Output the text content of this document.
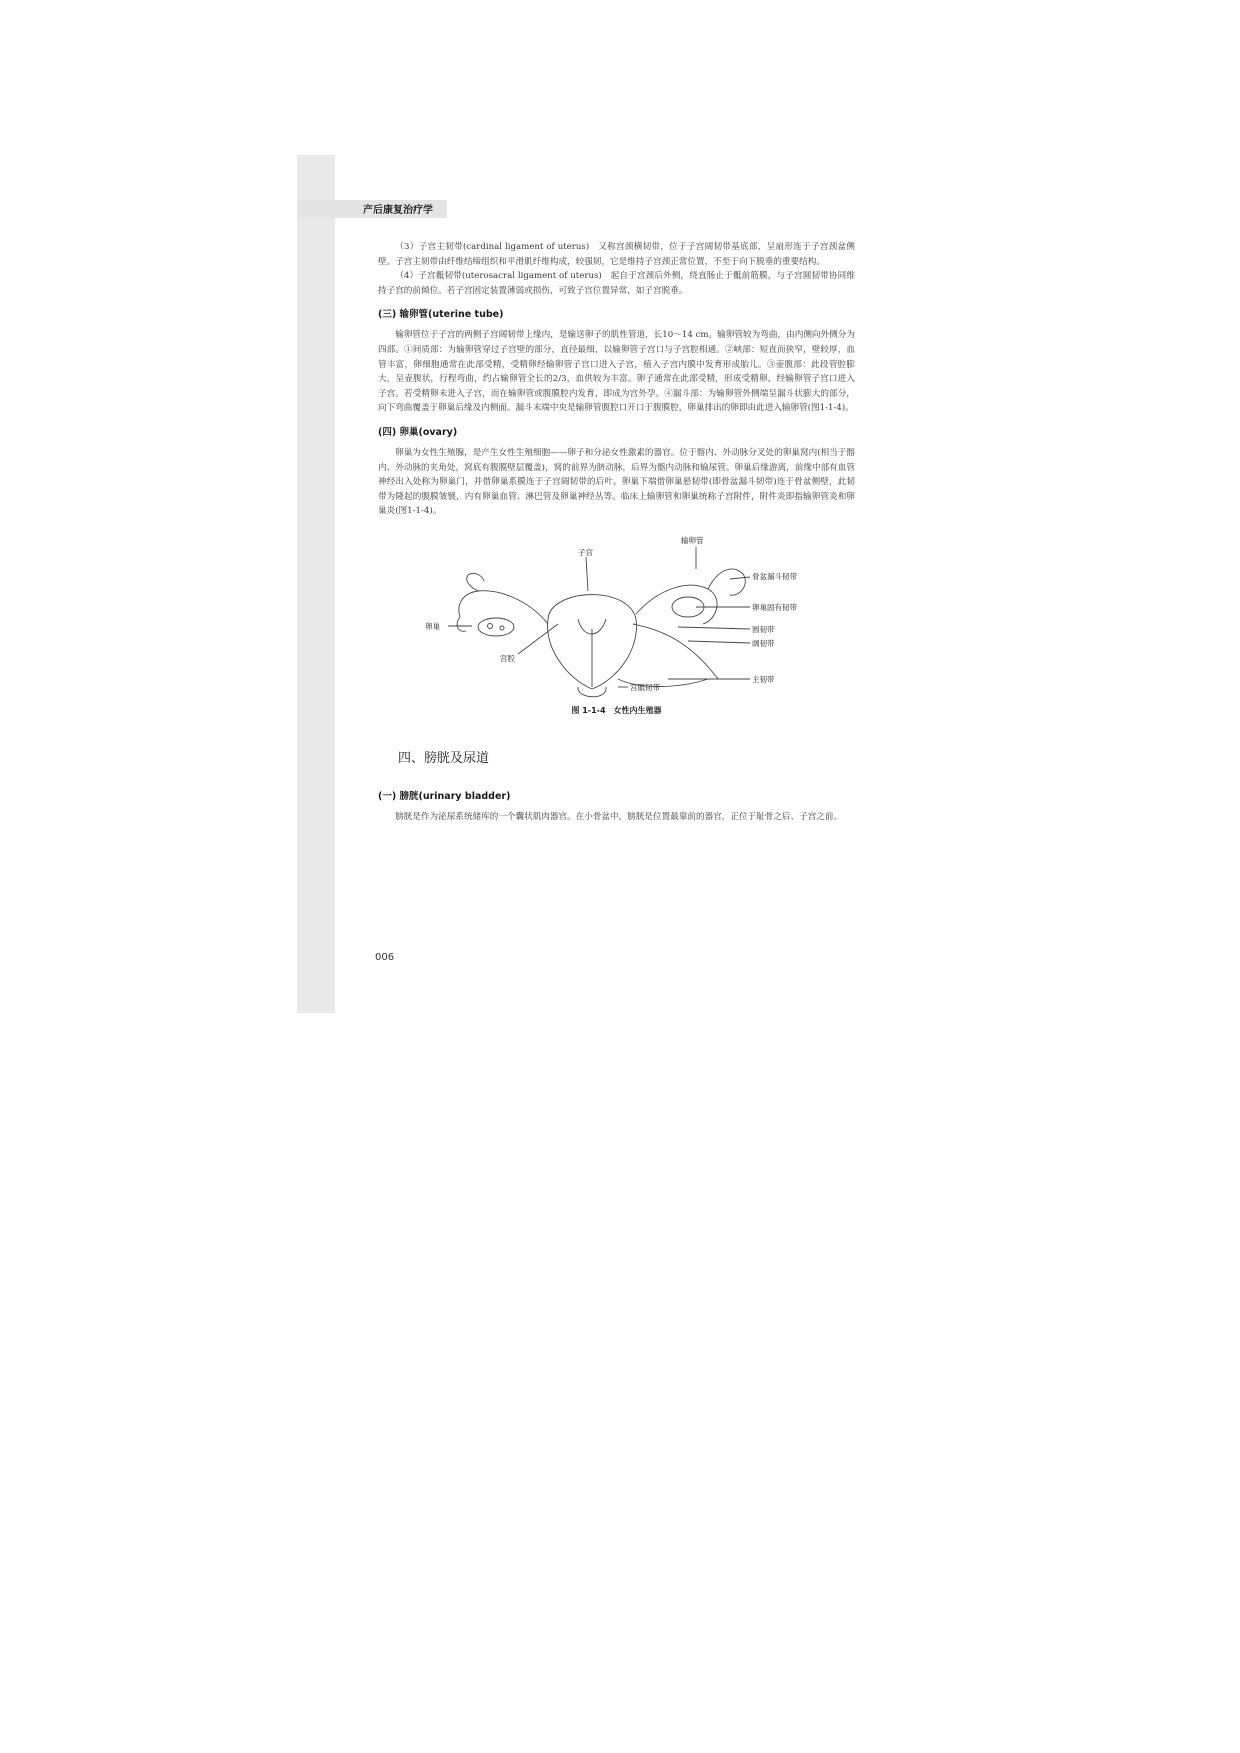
产后康复治疗学

（3）子宫主韧带(cardinal ligament of uterus)　又称宫颈横韧带，位于子宫阔韧带基底部，呈扇形连于子宫颈盆侧壁。子宫主韧带由纤维结缔组织和平滑肌纤维构成，较强韧，它是维持子宫颈正常位置，不至于向下脱垂的重要结构。

（4）子宫骶韧带(uterosacral ligament of uterus)　起自于宫颈后外侧，绕直肠止于骶前筋膜，与子宫圆韧带协同维持子宫的前倾位。若子宫固定装置薄弱或损伤，可致子宫位置异常，如子宫脱垂。

(三) 输卵管(uterine tube)

输卵管位于子宫的两侧子宫阔韧带上缘内，是输送卵子的肌性管道，长10～14 cm。输卵管较为弯曲，由内侧向外侧分为四部。①间质部：为输卵管穿过子宫壁的部分，直径最细，以输卵管子宫口与子宫腔相通。②峡部：短直而狭窄，壁较厚，血管丰富，卵细胞通常在此部受精，受精卵经输卵管子宫口进入子宫，植入子宫内膜中发育形成胎儿。③壶腹部：此段管腔膨大，呈壶腹状，行程弯曲，约占输卵管全长的2/3，血供较为丰富。卵子通常在此部受精，形成受精卵，经输卵管子宫口进入子宫。若受精卵未进入子宫，而在输卵管或腹膜腔内发育，即成为宫外孕。④漏斗部：为输卵管外侧端呈漏斗状膨大的部分，向下弯曲覆盖于卵巢后缘及内侧面。漏斗末端中央是输卵管腹腔口开口于腹膜腔，卵巢排出的卵即由此进入输卵管(图1-1-4)。

(四) 卵巢(ovary)

卵巢为女性生殖腺，是产生女性生殖细胞——卵子和分泌女性激素的器官。位于髂内、外动脉分叉处的卵巢窝内(相当于髂内、外动脉的夹角处，窝底有腹膜壁层覆盖)，窝的前界为脐动脉，后界为髂内动脉和输尿管。卵巢后缘游离，前缘中部有血管神经出入处称为卵巢门，并借卵巢系膜连于子宫阔韧带的后叶。卵巢下端借卵巢悬韧带(即骨盆漏斗韧带)连于骨盆侧壁，此韧带为隆起的腹膜皱襞，内有卵巢血管、淋巴管及卵巢神经丛等。临床上输卵管和卵巢统称子宫附件，附件炎即指输卵管炎和卵巢炎(图1-1-4)。

输卵管
子宫
骨盆漏斗韧带
卵巢固有韧带
圆韧带
阔韧带
卵巢
宫腔
主韧带
宫骶韧带
图 1-1-4　女性内生殖器
四、膀胱及尿道
(一) 膀胱(urinary bladder)

膀胱是作为泌尿系统储库的一个囊状肌肉器官。在小骨盆中，膀胱是位置最靠前的器官，正位于耻骨之后、子宫之前。

006
